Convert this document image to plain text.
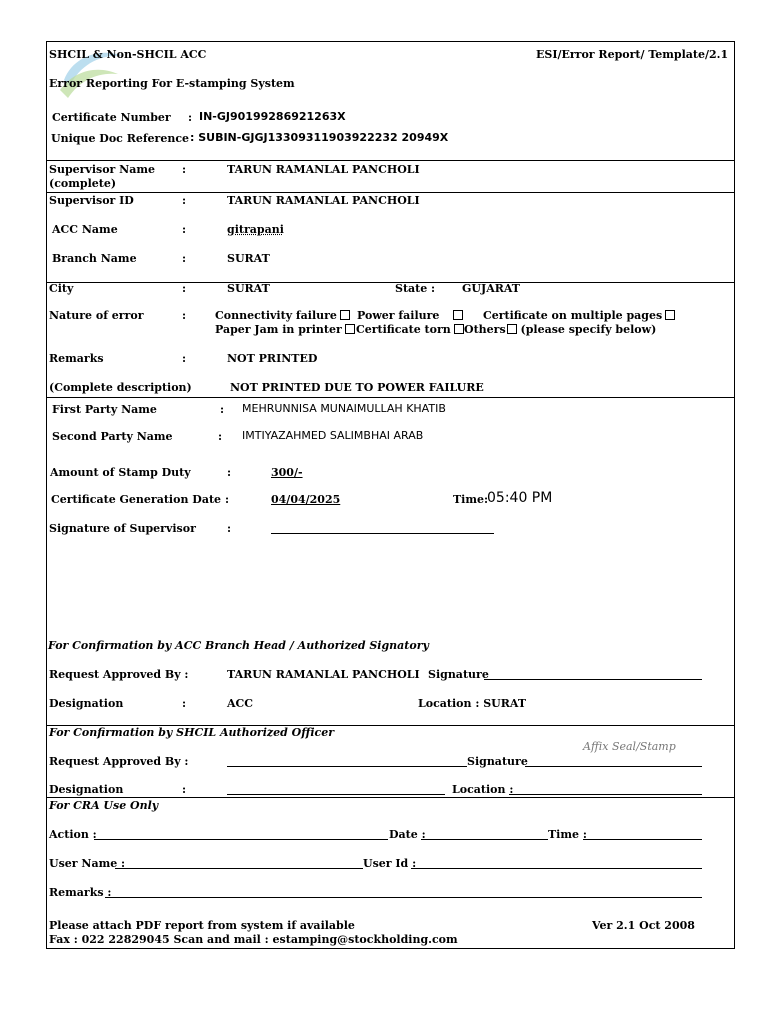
SHCIL & Non-SHCIL ACC	ESI/Error Report/ Template/2.1
Error Reporting For E-stamping System
Certificate Number : IN-GJ90199286921263X
Unique Doc Reference : SUBIN-GJGJ13309311903922232 20949X
Supervisor Name
(complete)
:	TARUN RAMANLAL PANCHOLI
Supervisor ID	:	TARUN RAMANLAL PANCHOLI
ACC Name	:	gitrapani
Branch Name	:	SURAT
City	:	SURAT	State : GUJARAT
Nature of error	:	Connectivity failure	Power failure	Certificate on multiple pages
Paper Jam in printer	Certificate torn	Others (please specify below)
Remarks	:	NOT PRINTED
(Complete description)	NOT PRINTED DUE TO POWER FAILURE
First Party Name	: MEHRUNNISA MUNAIMULLAH KHATIB
Second Party Name	: IMTIYAZAHMED SALIMBHAI ARAB
Amount of Stamp Duty	:	300/-
Certificate Generation Date :	04/04/2025	Time:
05:40 PM
Signature of Supervisor	:
For Confirmation by ACC Branch Head / Authorized Signatory
Request Approved By :	TARUN RAMANLAL PANCHOLI Signature
Designation	:	ACC	Location : SURAT
For Confirmation by SHCIL Authorized Officer
Affix Seal/Stamp
Request Approved By :	Signature
Designation	:	Location :
For CRA Use Only
Action :	Date :	Time :
User Name :	User Id :
Remarks :
Please attach PDF report from system if available	Ver 2.1 Oct 2008
Fax : 022 22829045 Scan and mail : estamping@stockholding.com
